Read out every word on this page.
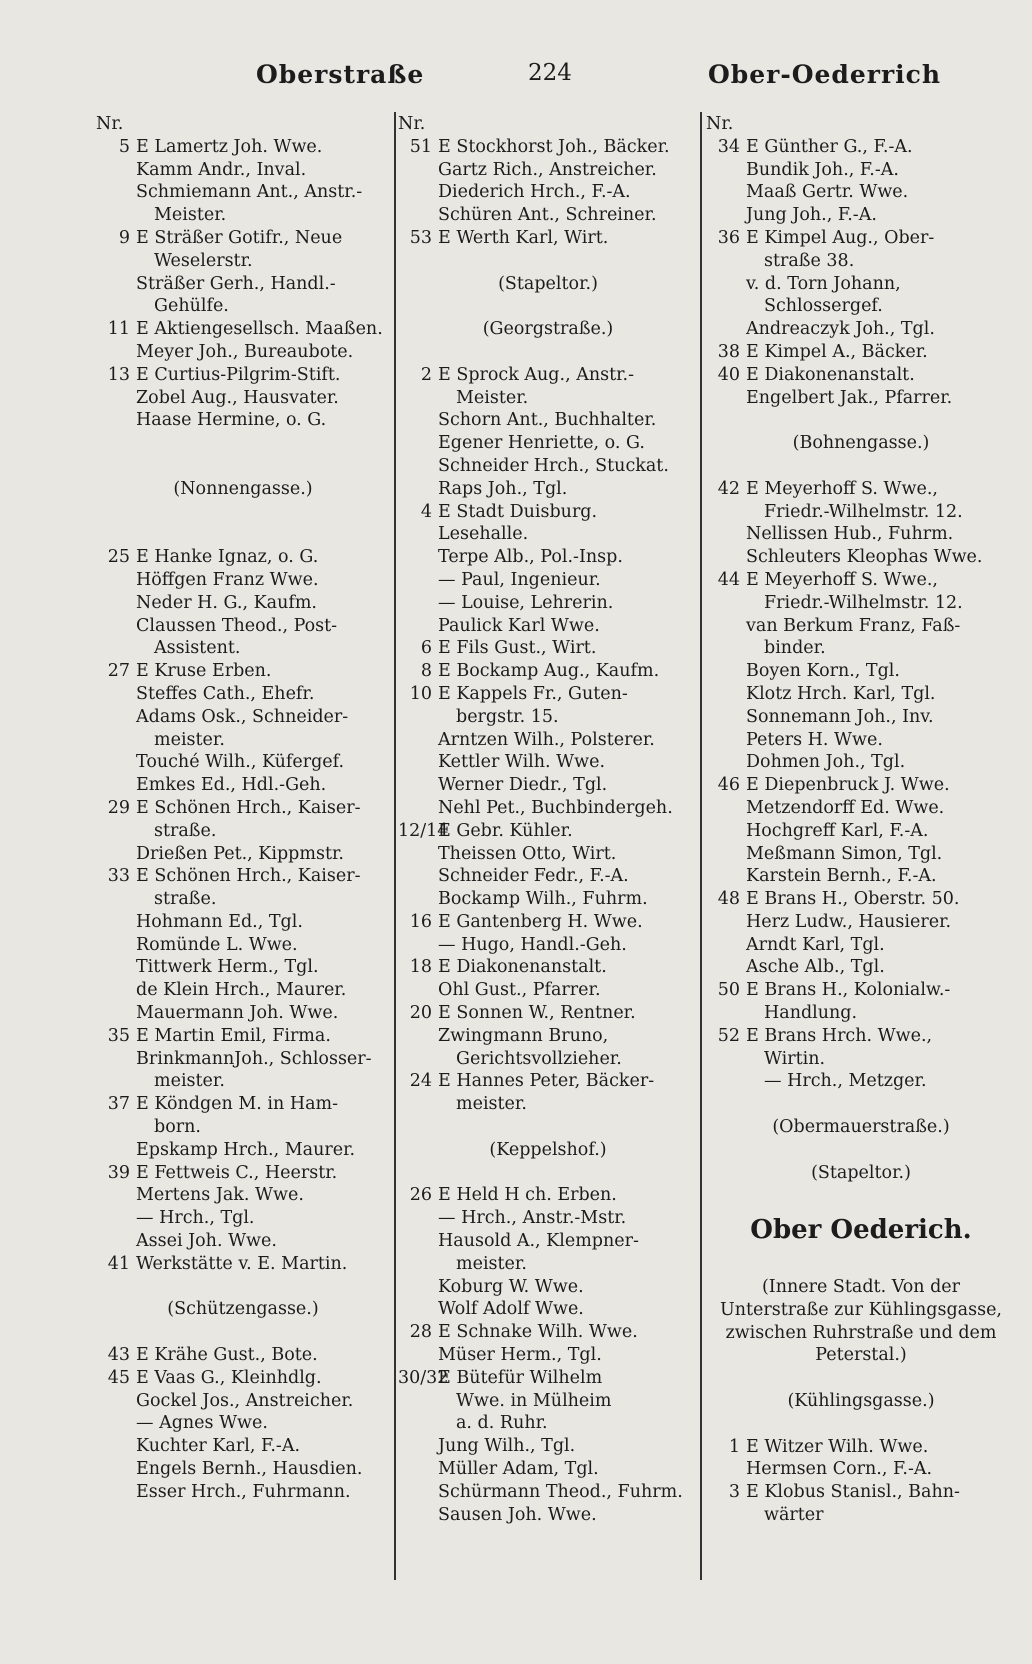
Oberstraße	224	Ober-Oederrich
Nr.
5 E Lamertz Joh. Wwe.
Kamm Andr., Inval.
Schmiemann Ant., Anstr.-
Meister.
9 E Sträßer Gotifr., Neue
Weselerstr.
Sträßer Gerh., Handl.-
Gehülfe.
11 E Aktiengesellsch. Maaßen.
Meyer Joh., Bureaubote.
13 E Curtius-Pilgrim-Stift.
Zobel Aug., Hausvater.
Haase Hermine, o. G.
(Nonnengasse.)
25 E Hanke Ignaz, o. G.
Höffgen Franz Wwe.
Neder H. G., Kaufm.
Claussen Theod., Post-
Assistent.
27 E Kruse Erben.
Steffes Cath., Ehefr.
Adams Osk., Schneider-
meister.
Touché Wilh., Küfergef.
Emkes Ed., Hdl.-Geh.
29 E Schönen Hrch., Kaiser-
straße.
Drießen Pet., Kippmstr.
33 E Schönen Hrch., Kaiser-
straße.
Hohmann Ed., Tgl.
Romünde L. Wwe.
Tittwerk Herm., Tgl.
de Klein Hrch., Maurer.
Mauermann Joh. Wwe.
35 E Martin Emil, Firma.
BrinkmannJoh., Schlosser-
meister.
37 E Köndgen M. in Ham-
born.
Epskamp Hrch., Maurer.
39 E Fettweis C., Heerstr.
Mertens Jak. Wwe.
— Hrch., Tgl.
Assei Joh. Wwe.
41 Werkstätte v. E. Martin.
(Schützengasse.)
43 E Krähe Gust., Bote.
45 E Vaas G., Kleinhdlg.
Gockel Jos., Anstreicher.
— Agnes Wwe.
Kuchter Karl, F.-A.
Engels Bernh., Hausdien.
Esser Hrch., Fuhrmann.
Nr.
51 E Stockhorst Joh., Bäcker.
Gartz Rich., Anstreicher.
Diederich Hrch., F.-A.
Schüren Ant., Schreiner.
53 E Werth Karl, Wirt.
(Stapeltor.)
(Georgstraße.)
2 E Sprock Aug., Anstr.-
Meister.
Schorn Ant., Buchhalter.
Egener Henriette, o. G.
Schneider Hrch., Stuckat.
Raps Joh., Tgl.
4 E Stadt Duisburg.
Lesehalle.
Terpe Alb., Pol.-Insp.
— Paul, Ingenieur.
— Louise, Lehrerin.
Paulick Karl Wwe.
6 E Fils Gust., Wirt.
8 E Bockamp Aug., Kaufm.
10 E Kappels Fr., Guten-
bergstr. 15.
Arntzen Wilh., Polsterer.
Kettler Wilh. Wwe.
Werner Diedr., Tgl.
Nehl Pet., Buchbindergeh.
12/14E Gebr. Kühler.
Theissen Otto, Wirt.
Schneider Fedr., F.-A.
Bockamp Wilh., Fuhrm.
16 E Gantenberg H. Wwe.
— Hugo, Handl.-Geh.
18 E Diakonenanstalt.
Ohl Gust., Pfarrer.
20 E Sonnen W., Rentner.
Zwingmann Bruno,
Gerichtsvollzieher.
24 E Hannes Peter, Bäcker-
meister.
(Keppelshof.)
26 E Held H ch. Erben.
— Hrch., Anstr.-Mstr.
Hausold A., Klempner-
meister.
Koburg W. Wwe.
Wolf Adolf Wwe.
28 E Schnake Wilh. Wwe.
Müser Herm., Tgl.
30/32E Bütefür Wilhelm
Wwe. in Mülheim
a. d. Ruhr.
Jung Wilh., Tgl.
Müller Adam, Tgl.
Schürmann Theod., Fuhrm.
Sausen Joh. Wwe.
Nr.
34 E Günther G., F.-A.
Bundik Joh., F.-A.
Maaß Gertr. Wwe.
Jung Joh., F.-A.
36 E Kimpel Aug., Ober-
straße 38.
v. d. Torn Johann,
Schlossergef.
Andreaczyk Joh., Tgl.
38 E Kimpel A., Bäcker.
40 E Diakonenanstalt.
Engelbert Jak., Pfarrer.
(Bohnengasse.)
42 E Meyerhoff S. Wwe.,
Friedr.-Wilhelmstr. 12.
Nellissen Hub., Fuhrm.
Schleuters Kleophas Wwe.
44 E Meyerhoff S. Wwe.,
Friedr.-Wilhelmstr. 12.
van Berkum Franz, Faß-
binder.
Boyen Korn., Tgl.
Klotz Hrch. Karl, Tgl.
Sonnemann Joh., Inv.
Peters H. Wwe.
Dohmen Joh., Tgl.
46 E Diepenbruck J. Wwe.
Metzendorff Ed. Wwe.
Hochgreff Karl, F.-A.
Meßmann Simon, Tgl.
Karstein Bernh., F.-A.
48 E Brans H., Oberstr. 50.
Herz Ludw., Hausierer.
Arndt Karl, Tgl.
Asche Alb., Tgl.
50 E Brans H., Kolonialw.-
Handlung.
52 E Brans Hrch. Wwe.,
Wirtin.
— Hrch., Metzger.
(Obermauerstraße.)
(Stapeltor.)
Ober Oederich.
(Innere Stadt. Von der
Unterstraße zur Kühlingsgasse,
zwischen Ruhrstraße und dem
Peterstal.)
(Kühlingsgasse.)
1 E Witzer Wilh. Wwe.
Hermsen Corn., F.-A.
3 E Klobus Stanisl., Bahn-
wärter
